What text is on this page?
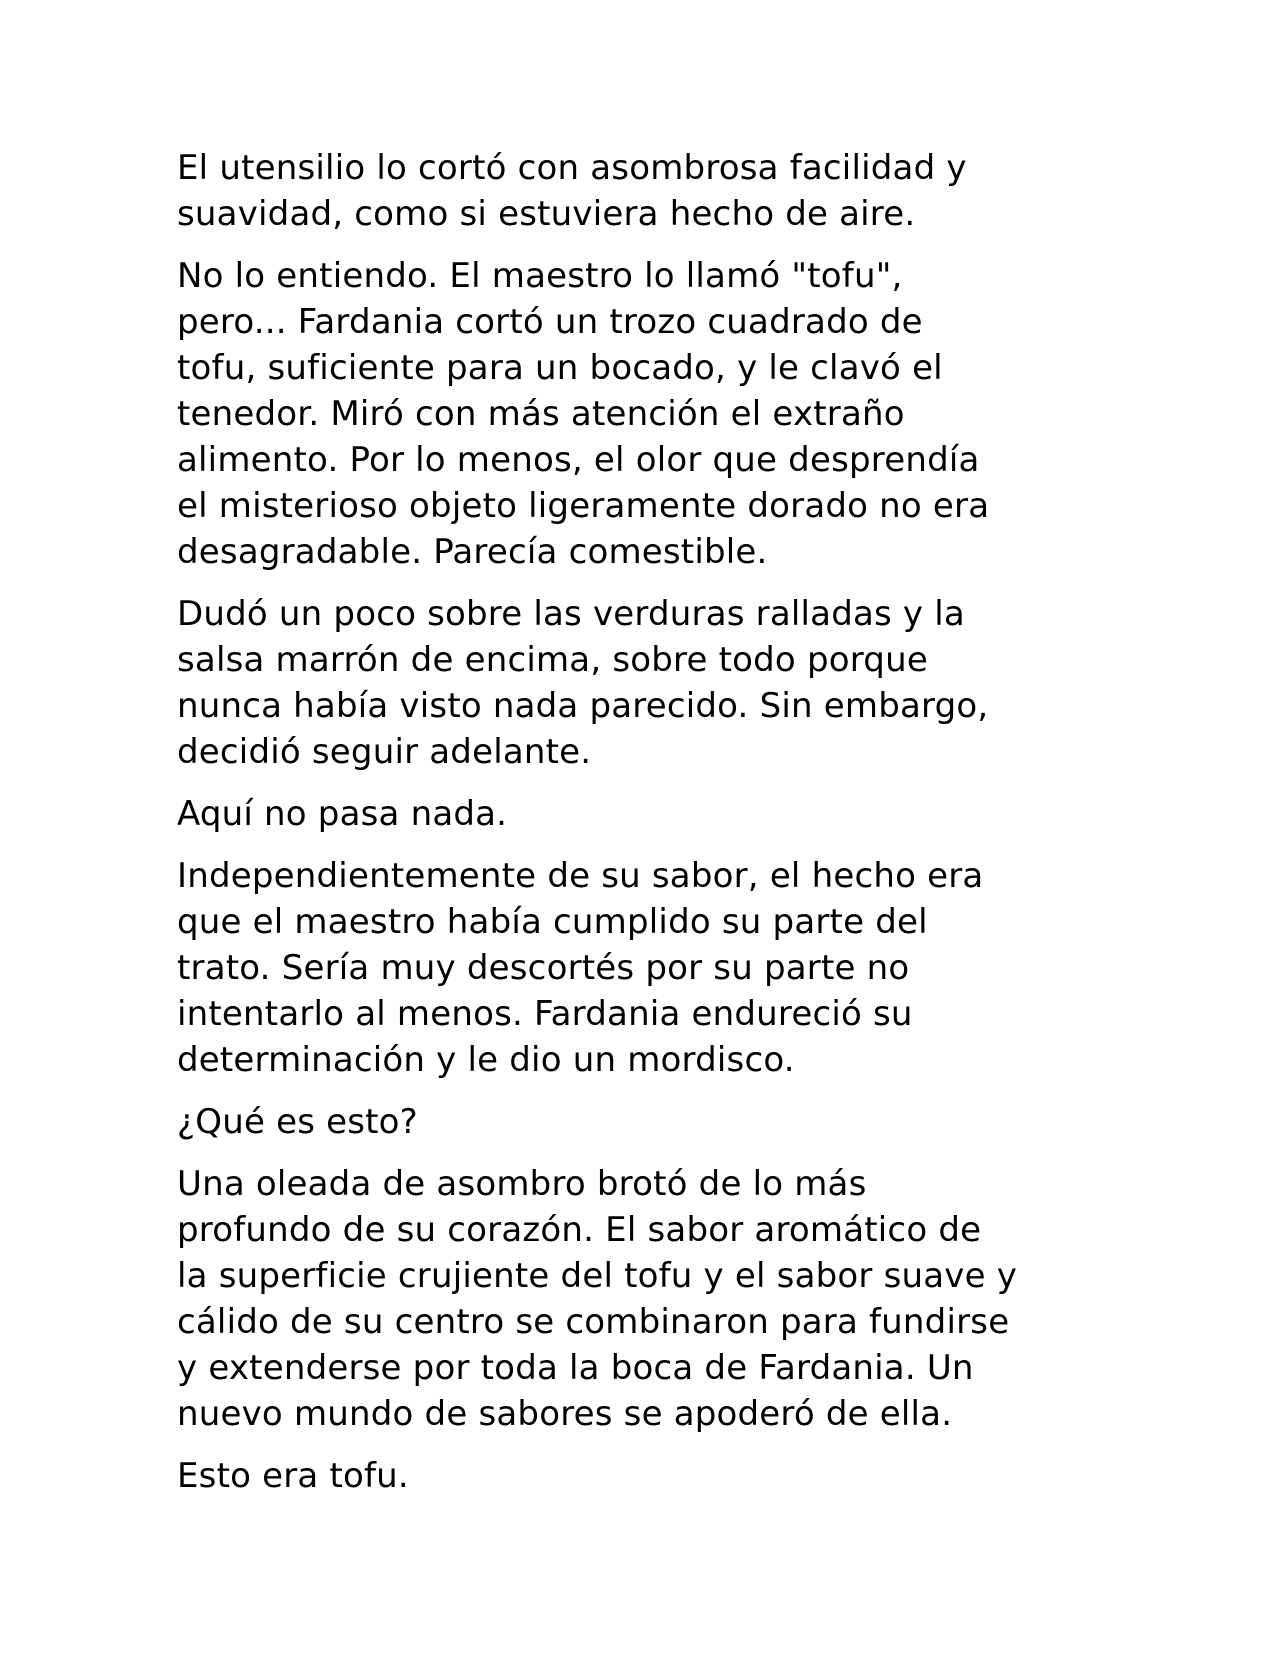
El utensilio lo cortó con asombrosa facilidad y
suavidad, como si estuviera hecho de aire.

No lo entiendo. El maestro lo llamó "tofu",
pero... Fardania cortó un trozo cuadrado de
tofu, suficiente para un bocado, y le clavó el
tenedor. Miró con más atención el extraño
alimento. Por lo menos, el olor que desprendía
el misterioso objeto ligeramente dorado no era
desagradable. Parecía comestible.

Dudó un poco sobre las verduras ralladas y la
salsa marrón de encima, sobre todo porque
nunca había visto nada parecido. Sin embargo,
decidió seguir adelante.

Aquí no pasa nada.

Independientemente de su sabor, el hecho era
que el maestro había cumplido su parte del
trato. Sería muy descortés por su parte no
intentarlo al menos. Fardania endureció su
determinación y le dio un mordisco.

¿Qué es esto?

Una oleada de asombro brotó de lo más
profundo de su corazón. El sabor aromático de
la superficie crujiente del tofu y el sabor suave y
cálido de su centro se combinaron para fundirse
y extenderse por toda la boca de Fardania. Un
nuevo mundo de sabores se apoderó de ella.

Esto era tofu.
